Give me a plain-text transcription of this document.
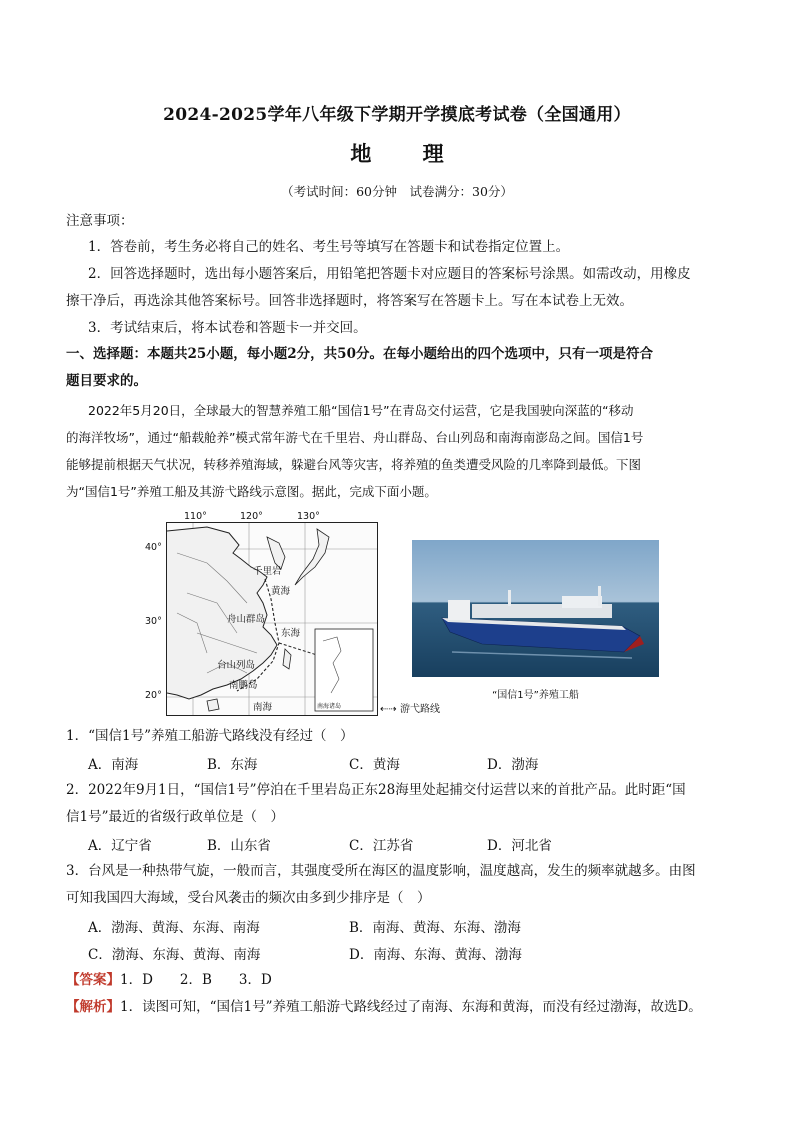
2024-2025学年八年级下学期开学摸底考试卷（全国通用）
地 理
（考试时间：60分钟　试卷满分：30分）
注意事项：
1．答卷前，考生务必将自己的姓名、考生号等填写在答题卡和试卷指定位置上。
2．回答选择题时，选出每小题答案后，用铅笔把答题卡对应题目的答案标号涂黑。如需改动，用橡皮
擦干净后，再选涂其他答案标号。回答非选择题时，将答案写在答题卡上。写在本试卷上无效。
3．考试结束后，将本试卷和答题卡一并交回。
一、选择题：本题共25小题，每小题2分，共50分。在每小题给出的四个选项中，只有一项是符合
题目要求的。
2022年5月20日，全球最大的智慧养殖工船“国信1号”在青岛交付运营，它是我国驶向深蓝的“移动
的海洋牧场”，通过“船载舱养”模式常年游弋在千里岩、舟山群岛、台山列岛和南海南澎岛之间。国信1号
能够提前根据天气状况，转移养殖海域，躲避台风等灾害，将养殖的鱼类遭受风险的几率降到最低。下图
为“国信1号”养殖工船及其游弋路线示意图。据此，完成下面小题。
110°	120°	130°
40°
30°
20°
千里岩
黄海
舟山群岛
东海
台山列岛
南鹏岛
南海	南海诸岛	⇠⇢ 游弋路线
“国信1号”养殖工船
1．“国信1号”养殖工船游弋路线没有经过（　）
A．南海	B．东海	C．黄海	D．渤海
2．2022年9月1日，“国信1号”停泊在千里岩岛正东28海里处起捕交付运营以来的首批产品。此时距“国
信1号”最近的省级行政单位是（　）
A．辽宁省	B．山东省	C．江苏省	D．河北省
3．台风是一种热带气旋，一般而言，其强度受所在海区的温度影响，温度越高，发生的频率就越多。由图
可知我国四大海域，受台风袭击的频次由多到少排序是（　）
A．渤海、黄海、东海、南海	B．南海、黄海、东海、渤海
C．渤海、东海、黄海、南海	D．南海、东海、黄海、渤海
【答案】1．D　　2．B　　3．D
【解析】1．读图可知，“国信1号”养殖工船游弋路线经过了南海、东海和黄海，而没有经过渤海，故选D。
